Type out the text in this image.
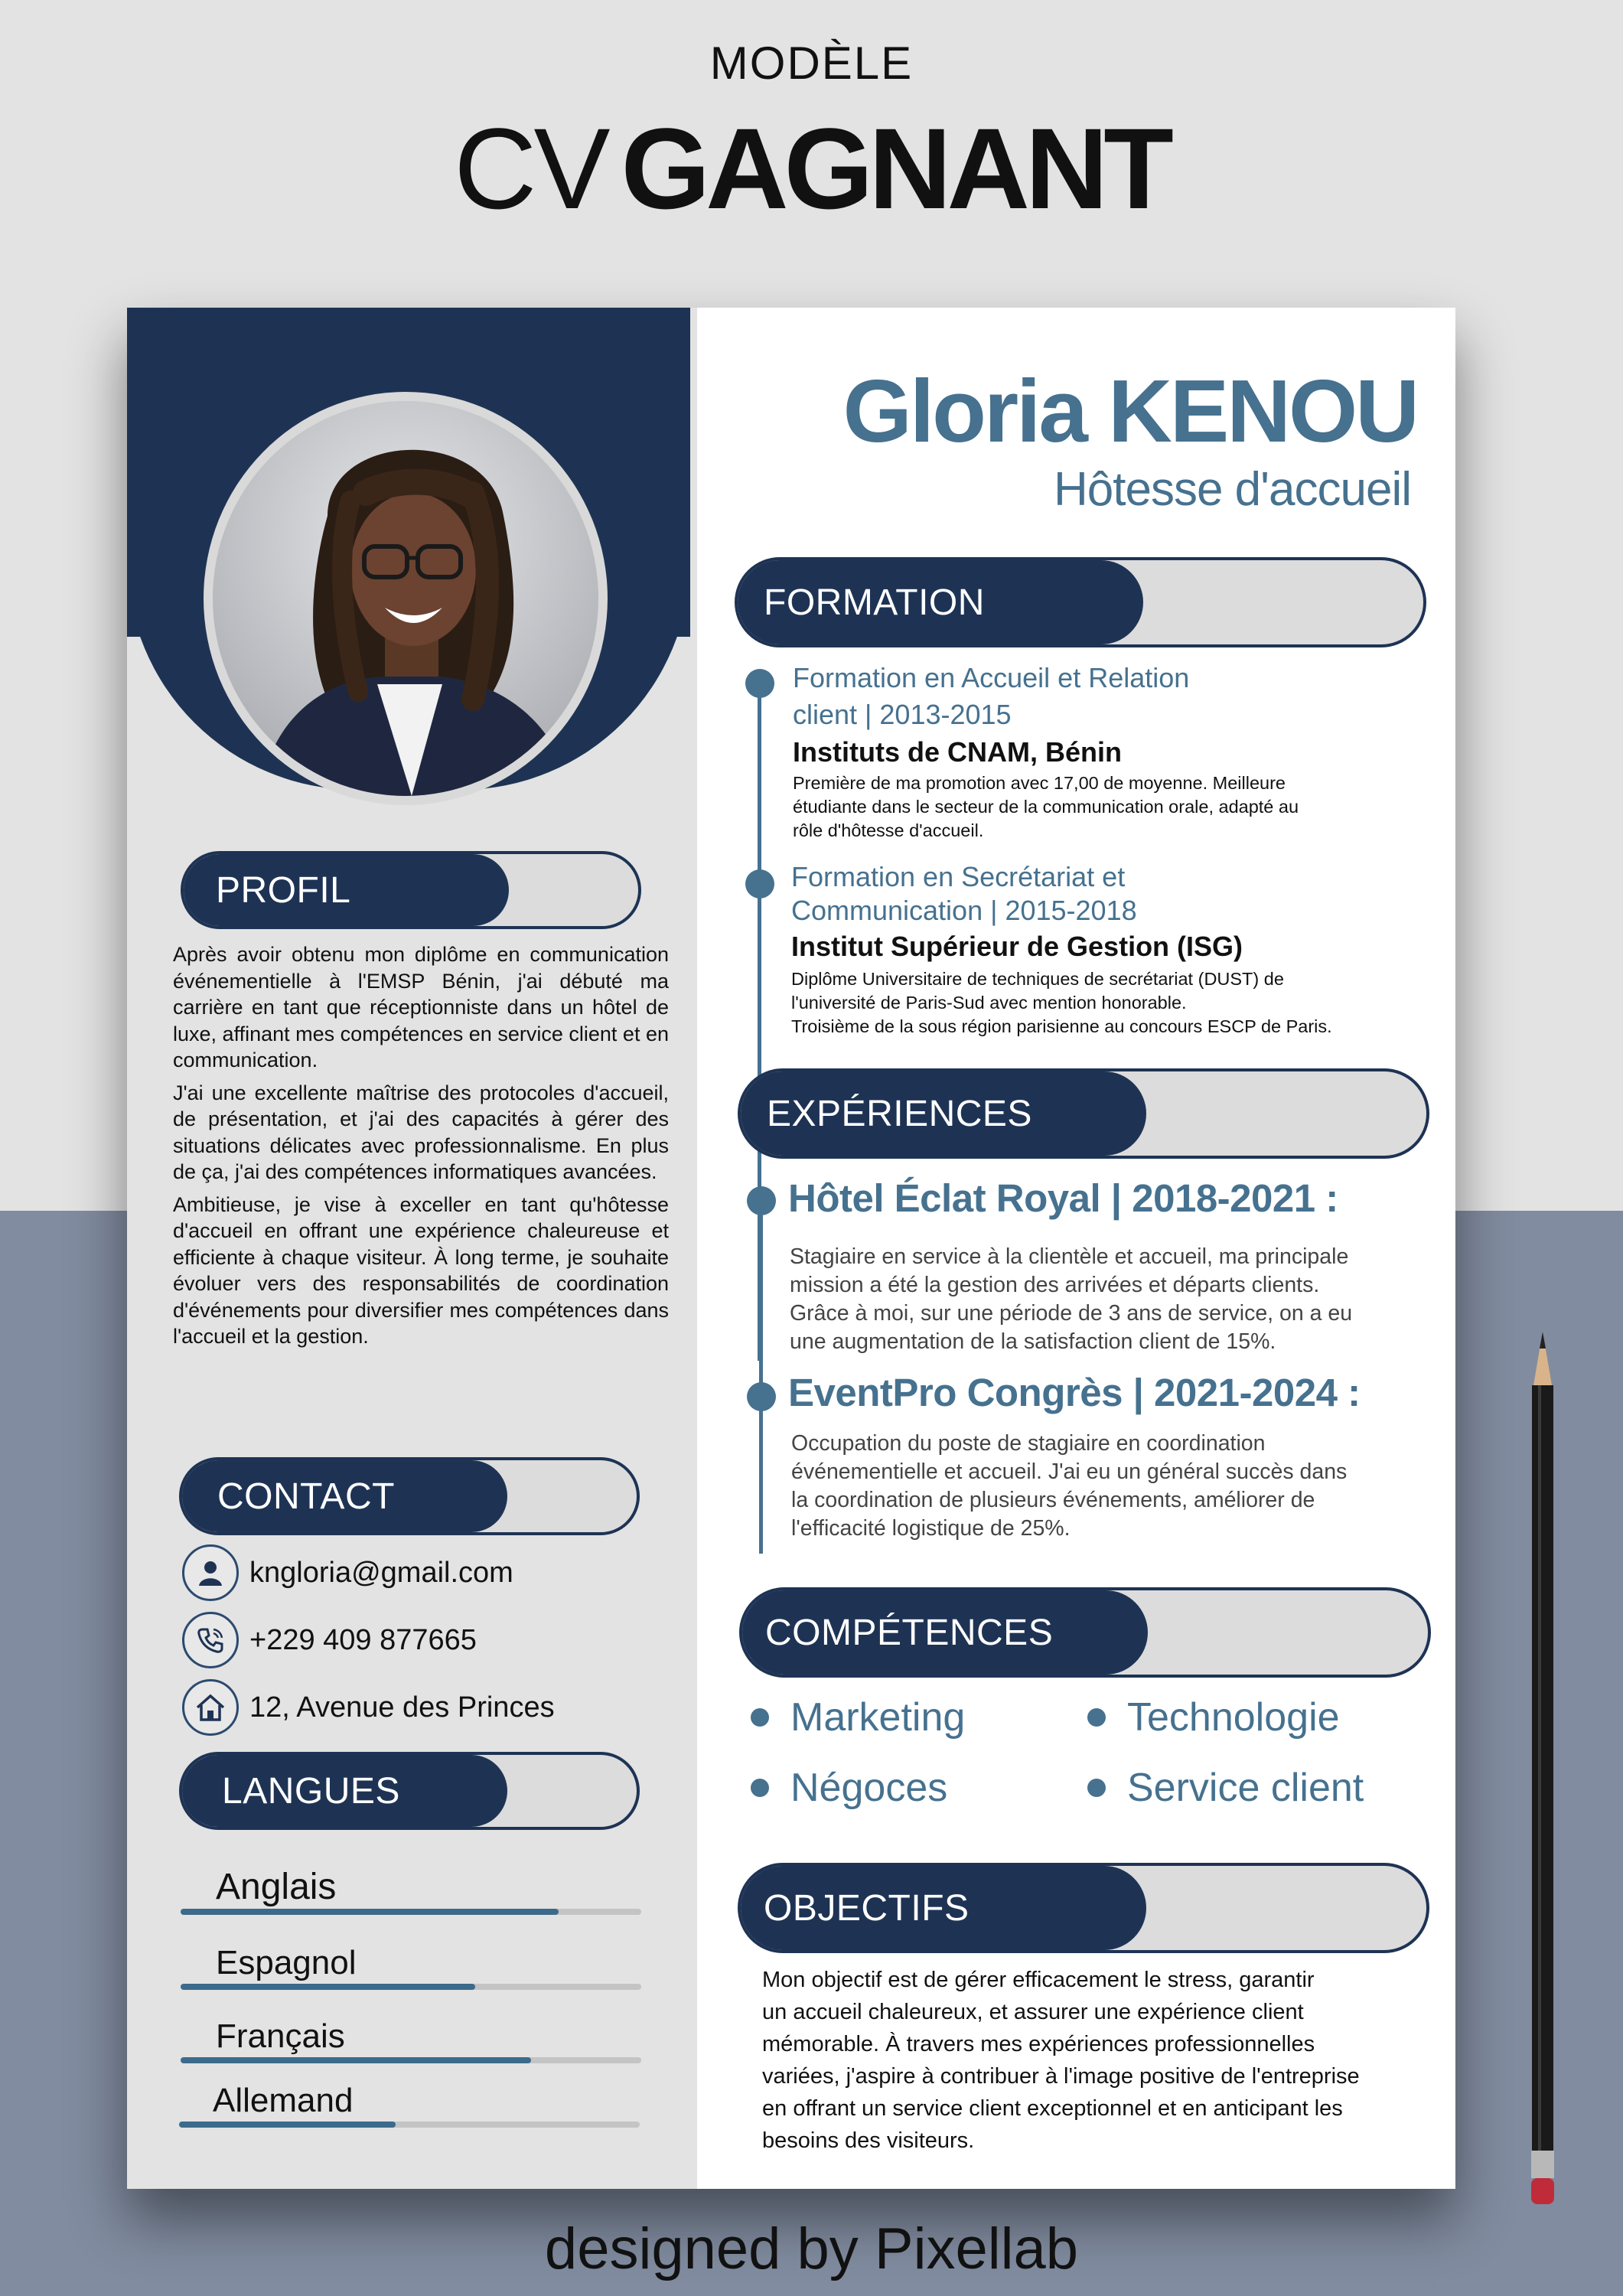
MODÈLE
CV GAGNANT
PROFIL

Après avoir obtenu mon diplôme en communication événementielle à l'EMSP Bénin, j'ai débuté ma carrière en tant que réceptionniste dans un hôtel de luxe, affinant mes compétences en service client et en communication.

J'ai une excellente maîtrise des protocoles d'accueil, de présentation, et j'ai des capacités à gérer des situations délicates avec professionnalisme. En plus de ça, j'ai des compétences informatiques avancées.

Ambitieuse, je vise à exceller en tant qu'hôtesse d'accueil en offrant une expérience chaleureuse et efficiente à chaque visiteur. À long terme, je souhaite évoluer vers des responsabilités de coordination d'événements pour diversifier mes compétences dans l'accueil et la gestion.

CONTACT
kngloria@gmail.com
+229 409 877665
12, Avenue des Princes
LANGUES
Anglais
Espagnol
Français
Allemand
Gloria KENOU
Hôtesse d'accueil
FORMATION
Formation en Accueil et Relation
client | 2013-2015
Instituts de CNAM, Bénin
Première de ma promotion avec 17,00 de moyenne. Meilleure
étudiante dans le secteur de la communication orale, adapté au
rôle d'hôtesse d'accueil.
Formation en Secrétariat et
Communication | 2015-2018
Institut Supérieur de Gestion (ISG)
Diplôme Universitaire de techniques de secrétariat (DUST) de
l'université de Paris-Sud avec mention honorable.
Troisième de la sous région parisienne au concours ESCP de Paris.
EXPÉRIENCES
Hôtel Éclat Royal | 2018-2021 :
Stagiaire en service à la clientèle et accueil, ma principale
mission a été la gestion des arrivées et départs clients.
Grâce à moi, sur une période de 3 ans de service, on a eu
une augmentation de la satisfaction client de 15%.
EventPro Congrès | 2021-2024 :
Occupation du poste de stagiaire en coordination
événementielle et accueil. J'ai eu un général succès dans
la coordination de plusieurs événements, améliorer de
l'efficacité logistique de 25%.
COMPÉTENCES
Marketing	Technologie
Négoces	Service client
OBJECTIFS
Mon objectif est de gérer efficacement le stress, garantir
un accueil chaleureux, et assurer une expérience client
mémorable. À travers mes expériences professionnelles
variées, j'aspire à contribuer à l'image positive de l'entreprise
en offrant un service client exceptionnel et en anticipant les
besoins des visiteurs.
designed by Pixellab
